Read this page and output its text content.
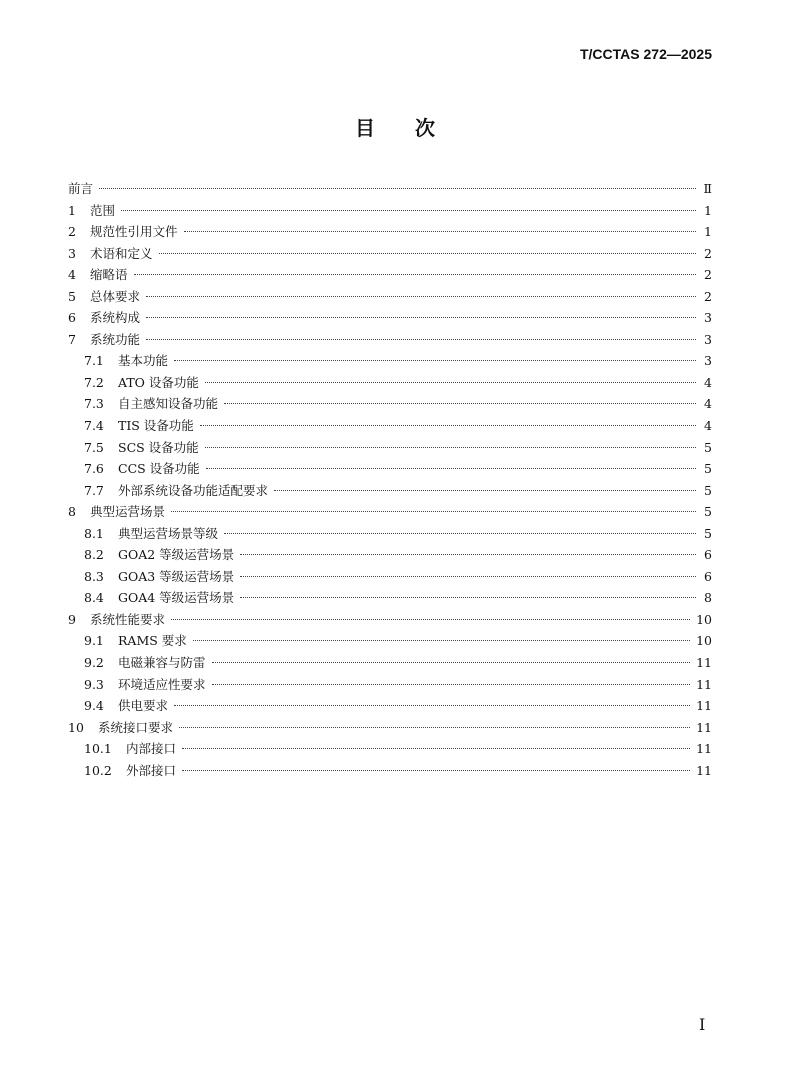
T/CCTAS 272—2025
目次
前言	Ⅱ
1	范围	1
2	规范性引用文件	1
3	术语和定义	2
4	缩略语	2
5	总体要求	2
6	系统构成	3
7	系统功能	3
7.1	基本功能	3
7.2	ATO 设备功能	4
7.3	自主感知设备功能	4
7.4	TIS 设备功能	4
7.5	SCS 设备功能	5
7.6	CCS 设备功能	5
7.7	外部系统设备功能适配要求	5
8	典型运营场景	5
8.1	典型运营场景等级	5
8.2	GOA2 等级运营场景	6
8.3	GOA3 等级运营场景	6
8.4	GOA4 等级运营场景	8
9	系统性能要求	10
9.1	RAMS 要求	10
9.2	电磁兼容与防雷	11
9.3	环境适应性要求	11
9.4	供电要求	11
10	系统接口要求	11
10.1	内部接口	11
10.2	外部接口	11
I
